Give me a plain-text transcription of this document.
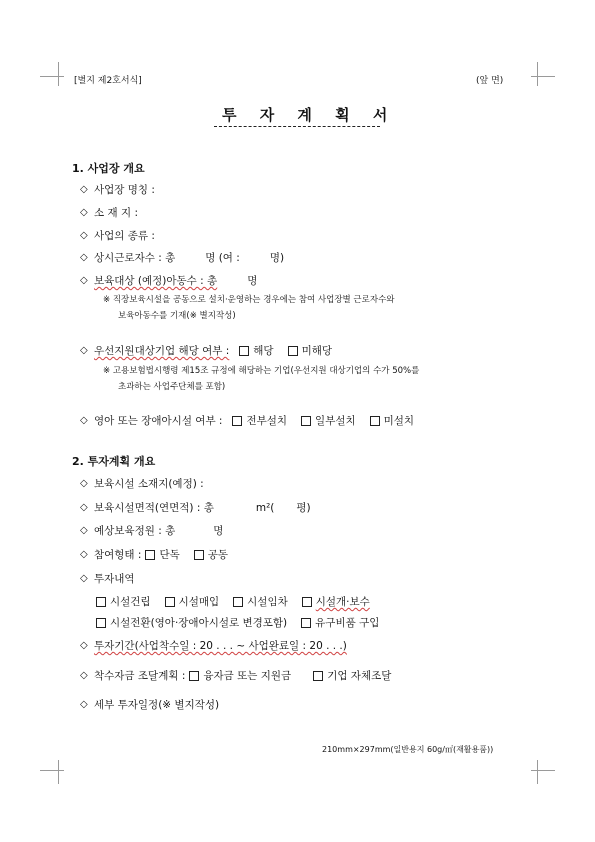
[별지 제2호서식]	(앞 면)
투 자 계 획 서
1. 사업장 개요
◇ 사업장 명칭 :
◇ 소 재 지 :
◇ 사업의 종류 :
◇ 상시근로자수 : 총	명 (여 :	명)
◇ 보육대상 (예정)아동수 : 총	명
※ 직장보육시설을 공동으로 설치·운영하는 경우에는 참여 사업장별 근로자수와
보육아동수를 기재(※ 별지작성)
◇ 우선지원대상기업 해당 여부 : 해당	미해당
※ 고용보험법시행령 제15조 규정에 해당하는 기업(우선지원 대상기업의 수가 50%를
초과하는 사업주단체를 포함)
◇ 영아 또는 장애아시설 여부 : 전부설치	일부설치	미설치
2. 투자계획 개요
◇ 보육시설 소재지(예정) :
◇ 보육시설면적(연면적) : 총	m²( 평)
◇ 예상보육정원 : 총	명
◇ 참여형태 : 단독	공동
◇ 투자내역
시설건립	시설매입	시설임차	시설개·보수
시설전환(영아·장애아시설로 변경포함)	유구비품 구입
◇ 투자기간(사업착수일 : 20 . . . ~ 사업완료일 : 20 . . .)
◇ 착수자금 조달계획 : 융자금 또는 지원금	기업 자체조달
◇ 세부 투자일정(※ 별지작성)
210mm×297mm(일반용지 60g/㎡(재활용품))
